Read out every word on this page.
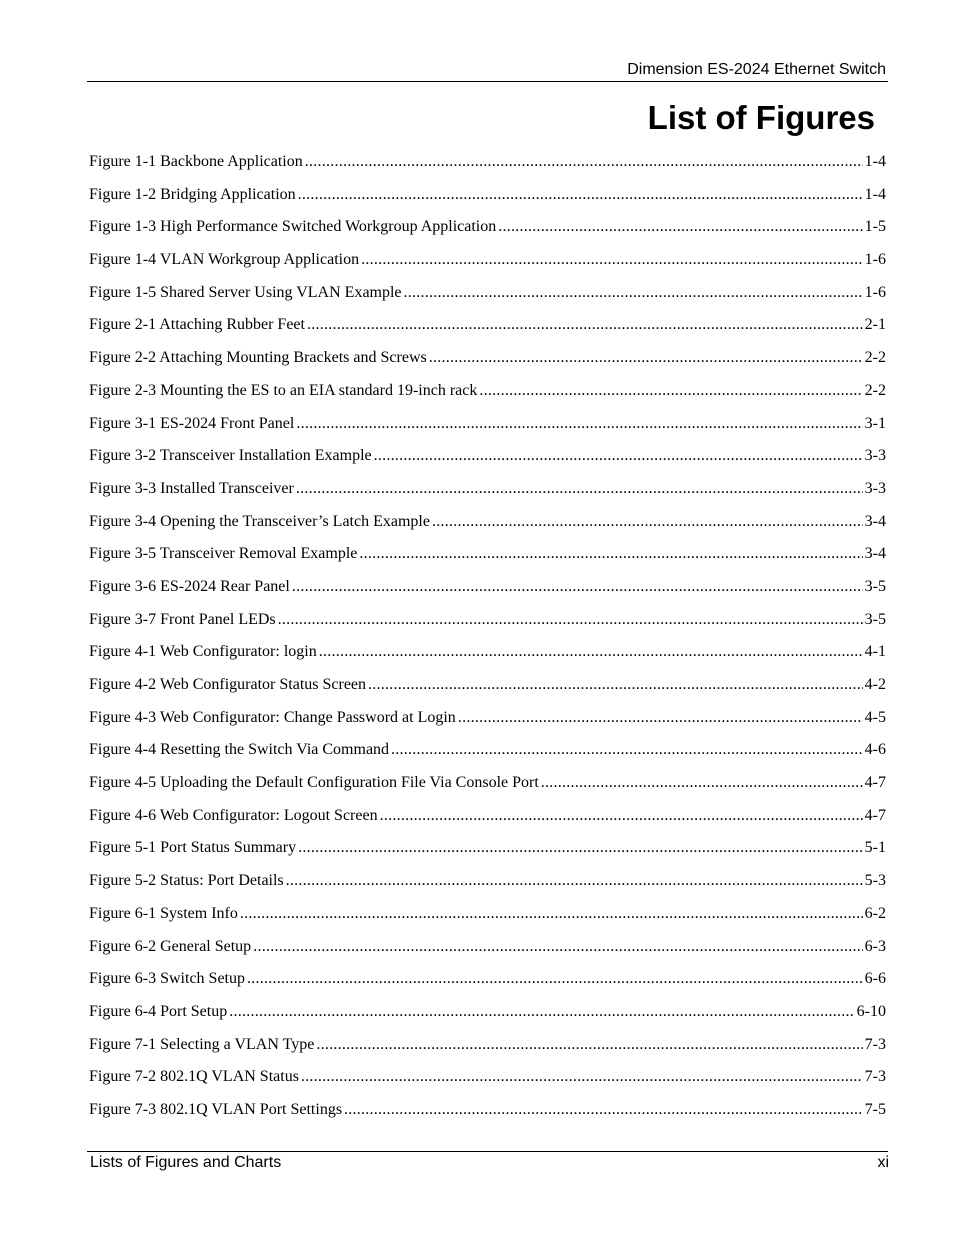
Dimension ES-2024 Ethernet Switch
List of Figures
Figure 1-1 Backbone Application .....	1-4
Figure 1-2 Bridging Application .....	1-4
Figure 1-3 High Performance Switched Workgroup Application .....	1-5
Figure 1-4 VLAN Workgroup Application .....	1-6
Figure 1-5 Shared Server Using VLAN Example .....	1-6
Figure 2-1 Attaching Rubber Feet .....	2-1
Figure 2-2 Attaching Mounting Brackets and Screws .....	2-2
Figure 2-3 Mounting the ES to an EIA standard 19-inch rack .....	2-2
Figure 3-1 ES-2024 Front Panel .....	3-1
Figure 3-2 Transceiver Installation Example .....	3-3
Figure 3-3 Installed Transceiver .....	3-3
Figure 3-4 Opening the Transceiver’s Latch Example .....	3-4
Figure 3-5 Transceiver Removal Example .....	3-4
Figure 3-6 ES-2024 Rear Panel .....	3-5
Figure 3-7 Front Panel LEDs .....	3-5
Figure 4-1 Web Configurator: login .....	4-1
Figure 4-2 Web Configurator Status Screen .....	4-2
Figure 4-3 Web Configurator: Change Password at Login .....	4-5
Figure 4-4 Resetting the Switch Via Command .....	4-6
Figure 4-5 Uploading the Default Configuration File Via Console Port .....	4-7
Figure 4-6 Web Configurator: Logout Screen .....	4-7
Figure 5-1 Port Status Summary .....	5-1
Figure 5-2 Status: Port Details .....	5-3
Figure 6-1 System Info .....	6-2
Figure 6-2 General Setup .....	6-3
Figure 6-3 Switch Setup .....	6-6
Figure 6-4 Port Setup .....	6-10
Figure 7-1 Selecting a VLAN Type .....	7-3
Figure 7-2 802.1Q VLAN Status .....	7-3
Figure 7-3 802.1Q VLAN Port Settings .....	7-5
Lists of Figures and Charts	xi
